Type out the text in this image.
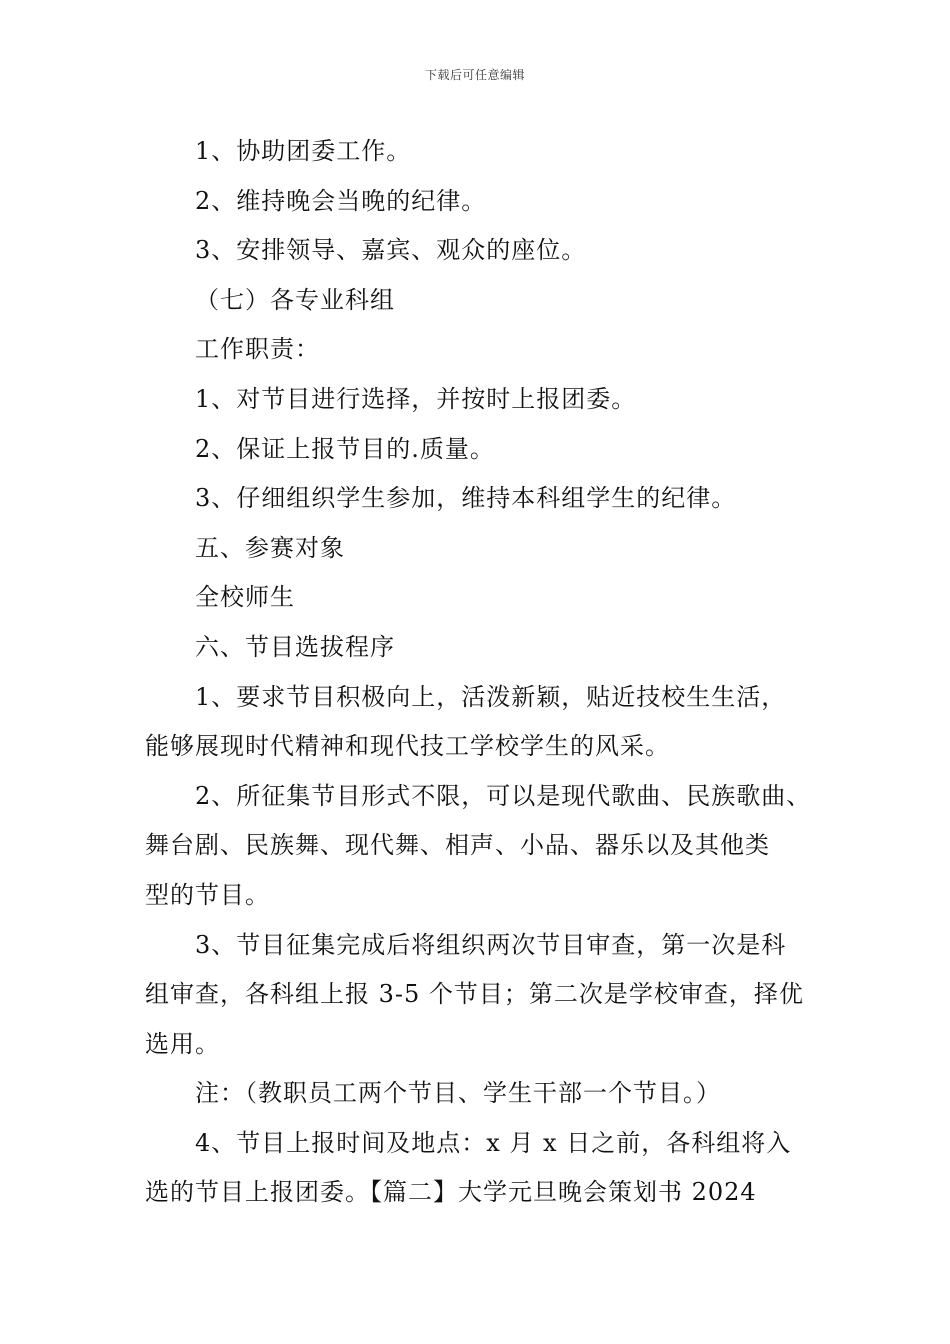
下载后可任意编辑
1、协助团委工作。
2、维持晚会当晚的纪律。
3、安排领导、嘉宾、观众的座位。
（七）各专业科组
工作职责：
1、对节目进行选择，并按时上报团委。
2、保证上报节目的.质量。
3、仔细组织学生参加，维持本科组学生的纪律。
五、参赛对象
全校师生
六、节目选拔程序
1、要求节目积极向上，活泼新颖，贴近技校生生活，
能够展现时代精神和现代技工学校学生的风采。
2、所征集节目形式不限，可以是现代歌曲、民族歌曲、
舞台剧、民族舞、现代舞、相声、小品、器乐以及其他类
型的节目。
3、节目征集完成后将组织两次节目审查，第一次是科
组审查，各科组上报 3-5 个节目；第二次是学校审查，择优
选用。
注：（教职员工两个节目、学生干部一个节目。）
4、节目上报时间及地点：x 月 x 日之前，各科组将入
选的节目上报团委。【篇二】大学元旦晚会策划书 2024
